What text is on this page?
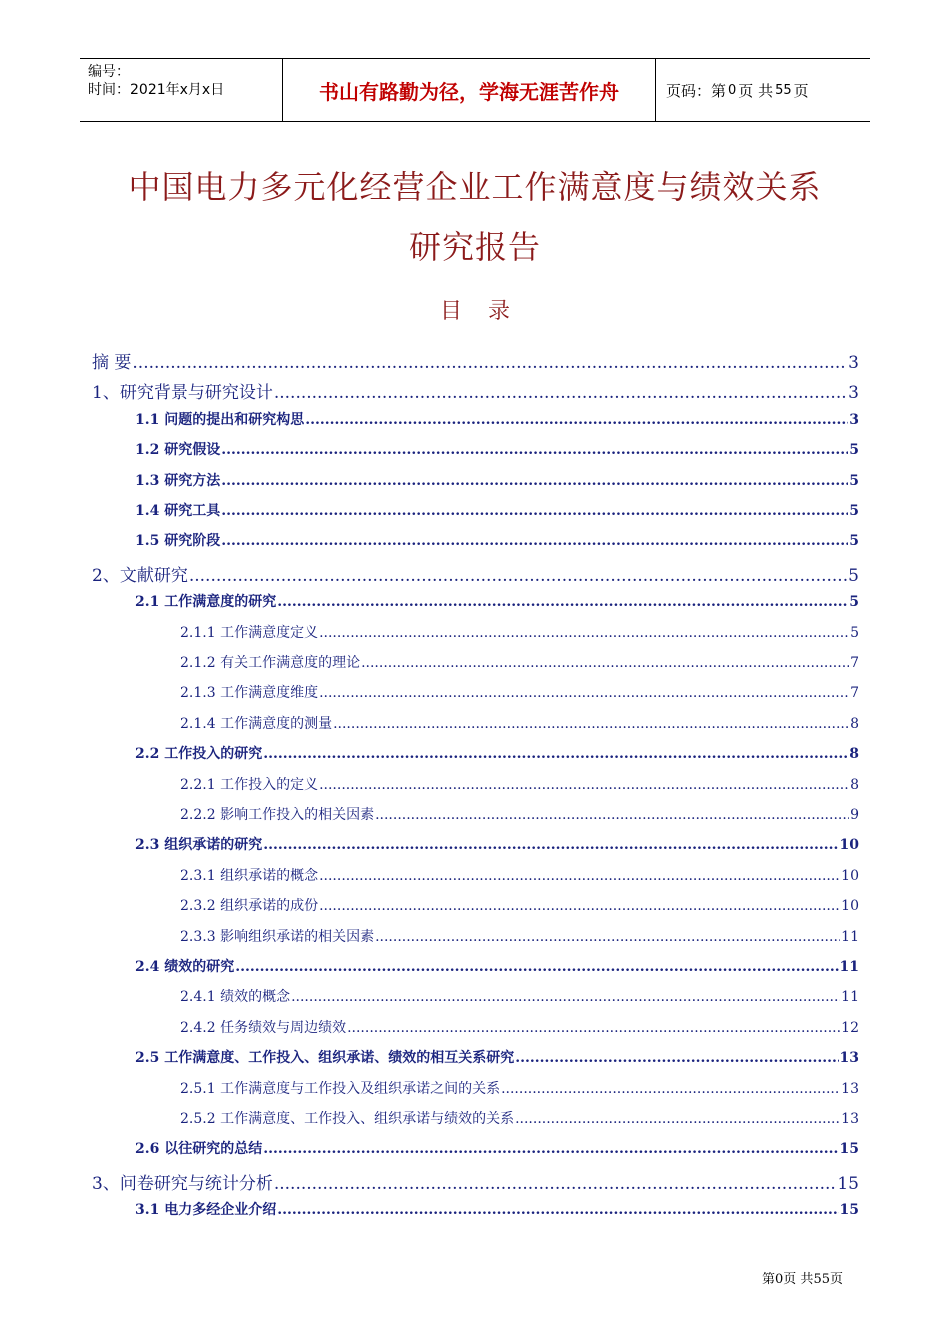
编号：
时间：2021年x月x日	书山有路勤为径，学海无涯苦作舟	页码：第 0 页 共 55 页
中国电力多元化经营企业工作满意度与绩效关系
研究报告
目录
摘 要 .....	3
1、研究背景与研究设计 .....	3
1.1 问题的提出和研究构思 .....	3
1.2 研究假设 .....	5
1.3 研究方法 .....	5
1.4 研究工具 .....	5
1.5 研究阶段 .....	5
2、文献研究 .....	5
2.1 工作满意度的研究 .....	5
2.1.1 工作满意度定义 .....	5
2.1.2 有关工作满意度的理论 .....	7
2.1.3 工作满意度维度 .....	7
2.1.4 工作满意度的测量 .....	8
2.2 工作投入的研究 .....	8
2.2.1 工作投入的定义 .....	8
2.2.2 影响工作投入的相关因素 .....	9
2.3 组织承诺的研究 .....	10
2.3.1 组织承诺的概念 .....	10
2.3.2 组织承诺的成份 .....	10
2.3.3 影响组织承诺的相关因素 .....	11
2.4 绩效的研究 .....	11
2.4.1 绩效的概念 .....	11
2.4.2 任务绩效与周边绩效 .....	12
2.5 工作满意度、工作投入、组织承诺、绩效的相互关系研究 .....	13
2.5.1 工作满意度与工作投入及组织承诺之间的关系 .....	13
2.5.2 工作满意度、工作投入、组织承诺与绩效的关系 .....	13
2.6 以往研究的总结 .....	15
3、问卷研究与统计分析 .....	15
3.1 电力多经企业介绍 .....	15
第0页 共55页
